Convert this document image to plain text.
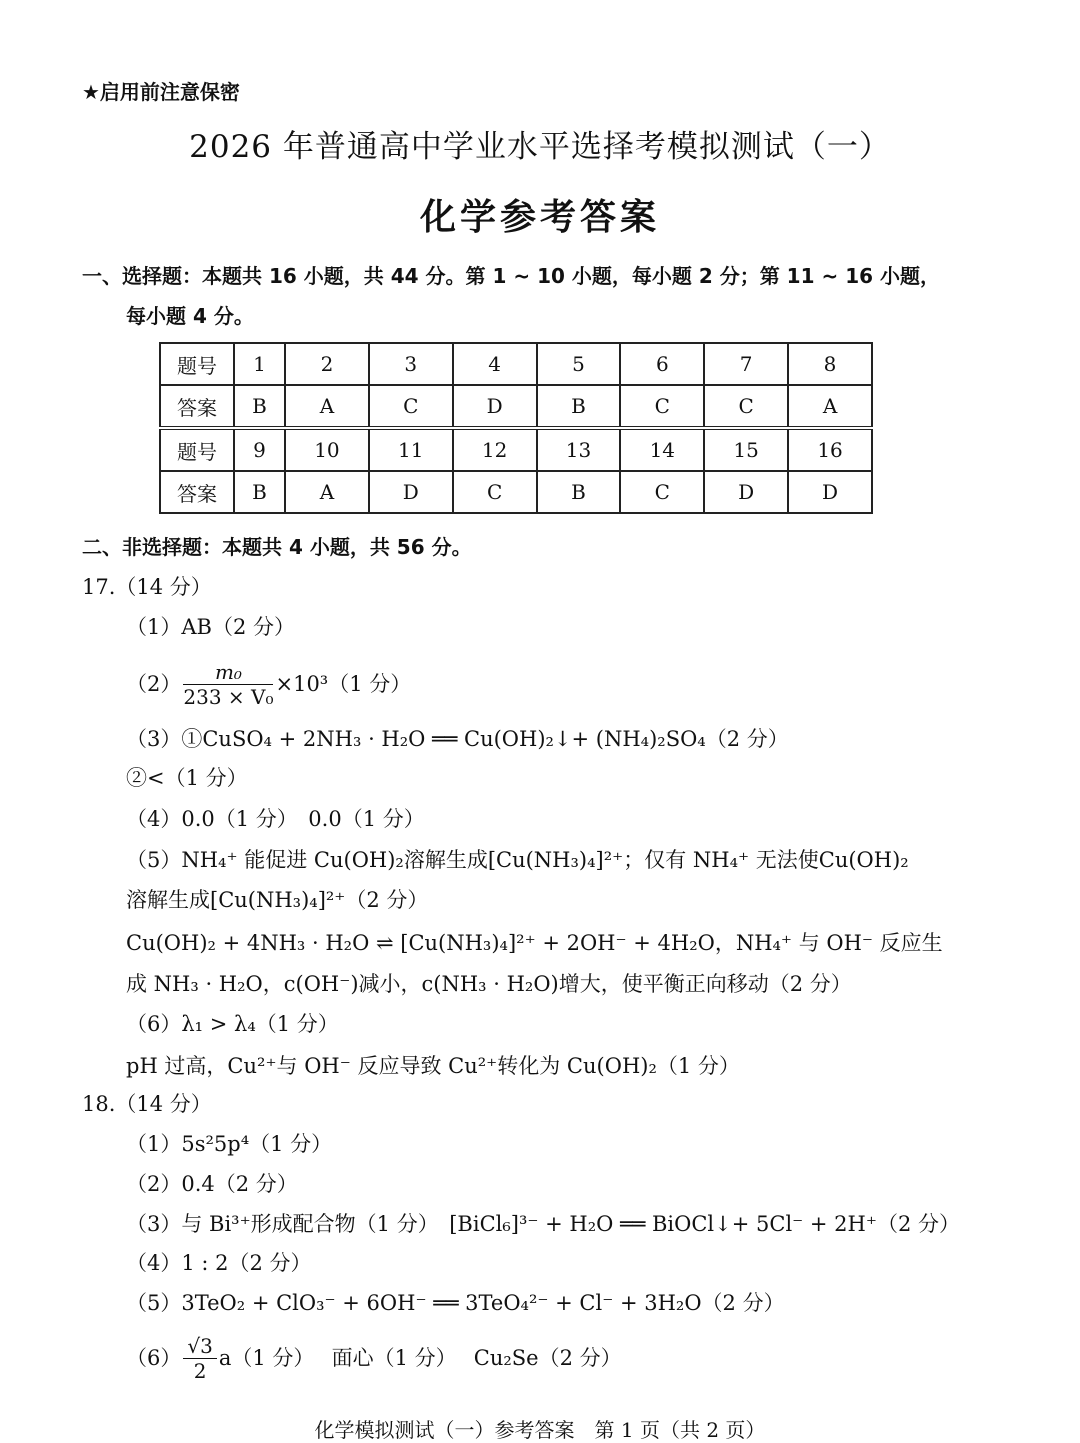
★启用前注意保密
2026 年普通高中学业水平选择考模拟测试（一）
化学参考答案
一、选择题：本题共 16 小题，共 44 分。第 1 ~ 10 小题，每小题 2 分；第 11 ~ 16 小题，
每小题 4 分。
题号	1	2	3	4	5	6	7	8
答案	B	A	C	D	B	C	C	A
题号	9	10	11	12	13	14	15	16
答案	B	A	D	C	B	C	D	D
二、非选择题：本题共 4 小题，共 56 分。
17.（14 分）
（1）AB（2 分）
$(2) \frac{\text{m₀}}{\text{233 × V₀}} \times 10^3(1$ 分）
（3）①CuSO₄ + 2NH₃ · H₂O ══ Cu(OH)₂↓+ (NH₄)₂SO₄（2 分）
②<（1 分）
（4）0.0（1 分）　0.0（1 分）
（5）NH₄⁺ 能促进 Cu(OH)₂溶解生成[Cu(NH₃)₄]²⁺；仅有 NH₄⁺ 无法使Cu(OH)₂
溶解生成[Cu(NH₃)₄]²⁺（2 分）
Cu(OH)₂ + 4NH₃ · H₂O ⇌ [Cu(NH₃)₄]²⁺ + 2OH⁻ + 4H₂O，NH₄⁺ 与 OH⁻ 反应生
成 NH₃ · H₂O，c(OH⁻)减小，c(NH₃ · H₂O)增大，使平衡正向移动（2 分）
（6）λ₁ > λ₄（1 分）
pH 过高，Cu²⁺与 OH⁻ 反应导致 Cu²⁺转化为 Cu(OH)₂（1 分）
18.（14 分）
（1）5s²5p⁴（1 分）
（2）0.4（2 分）
（3）与 Bi³⁺形成配合物（1 分）　[BiCl₆]³⁻ + H₂O ══ BiOCl↓+ 5Cl⁻ + 2H⁺（2 分）
（4）1 : 2（2 分）
（5）3TeO₂ + ClO₃⁻ + 6OH⁻ ══ 3TeO₄²⁻ + Cl⁻ + 3H₂O（2 分）
$(6) \frac{√3}{2} a(1$ 分）　 面心（1 分）　 Cu₂Se（2 分）
化学模拟测试（一）参考答案　第 1 页（共 2 页）
